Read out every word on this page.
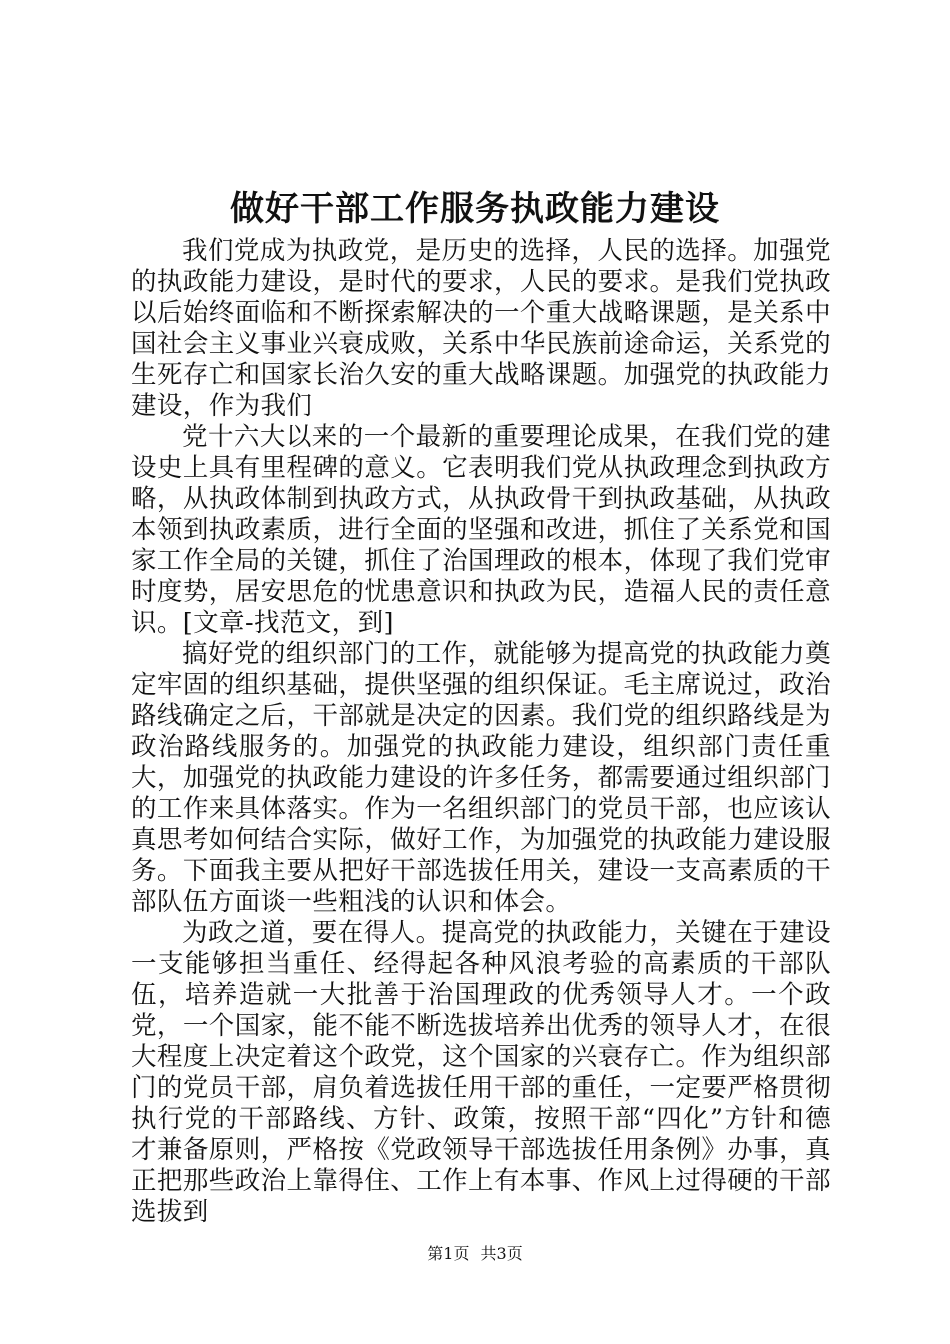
做好干部工作服务执政能力建设

我们党成为执政党，是历史的选择，人民的选择。加强党的执政能力建设，是时代的要求，人民的要求。是我们党执政以后始终面临和不断探索解决的一个重大战略课题，是关系中国社会主义事业兴衰成败，关系中华民族前途命运，关系党的生死存亡和国家长治久安的重大战略课题。加强党的执政能力建设，作为我们

党十六大以来的一个最新的重要理论成果，在我们党的建设史上具有里程碑的意义。它表明我们党从执政理念到执政方略，从执政体制到执政方式，从执政骨干到执政基础，从执政本领到执政素质，进行全面的坚强和改进，抓住了关系党和国家工作全局的关键，抓住了治国理政的根本，体现了我们党审时度势，居安思危的忧患意识和执政为民，造福人民的责任意识。[文章-找范文，到]

搞好党的组织部门的工作，就能够为提高党的执政能力奠定牢固的组织基础，提供坚强的组织保证。毛主席说过，政治路线确定之后，干部就是决定的因素。我们党的组织路线是为政治路线服务的。加强党的执政能力建设，组织部门责任重大，加强党的执政能力建设的许多任务，都需要通过组织部门的工作来具体落实。作为一名组织部门的党员干部，也应该认真思考如何结合实际，做好工作，为加强党的执政能力建设服务。下面我主要从把好干部选拔任用关，建设一支高素质的干部队伍方面谈一些粗浅的认识和体会。

为政之道，要在得人。提高党的执政能力，关键在于建设一支能够担当重任、经得起各种风浪考验的高素质的干部队伍，培养造就一大批善于治国理政的优秀领导人才。一个政党，一个国家，能不能不断选拔培养出优秀的领导人才，在很大程度上决定着这个政党，这个国家的兴衰存亡。作为组织部门的党员干部，肩负着选拔任用干部的重任，一定要严格贯彻执行党的干部路线、方针、政策，按照干部“四化”方针和德才兼备原则，严格按《党政领导干部选拔任用条例》办事，真正把那些政治上靠得住、工作上有本事、作风上过得硬的干部选拔到

第1页 共3页
